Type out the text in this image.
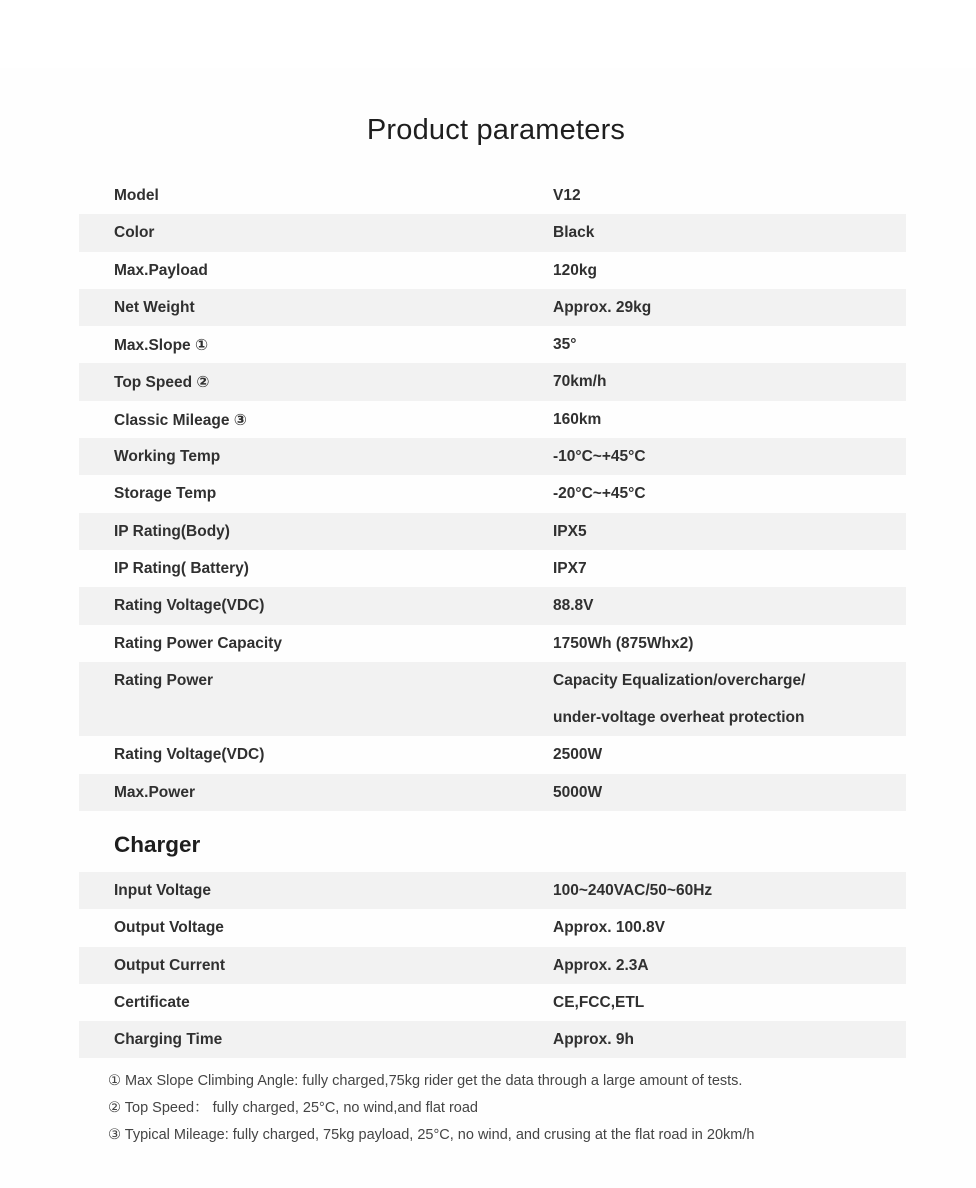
Product parameters
Model	V12
Color	Black
Max.Payload	120kg
Net Weight	Approx. 29kg
Max.Slope ①	35°
Top Speed ②	70km/h
Classic Mileage ③	160km
Working Temp	-10°C~+45°C
Storage Temp	-20°C~+45°C
IP Rating(Body)	IPX5
IP Rating( Battery)	IPX7
Rating Voltage(VDC)	88.8V
Rating Power Capacity	1750Wh (875Whx2)
Rating Power	Capacity Equalization/overcharge/
under-voltage overheat protection
Rating Voltage(VDC)	2500W
Max.Power	5000W
Charger
Input Voltage	100~240VAC/50~60Hz
Output Voltage	Approx. 100.8V
Output Current	Approx. 2.3A
Certificate	CE,FCC,ETL
Charging Time	Approx. 9h
① Max Slope Climbing Angle: fully charged,75kg rider get the data through a large amount of tests.
② Top Speed： fully charged, 25°C, no wind,and flat road
③ Typical Mileage: fully charged, 75kg payload, 25°C, no wind, and crusing at the flat road in 20km/h
